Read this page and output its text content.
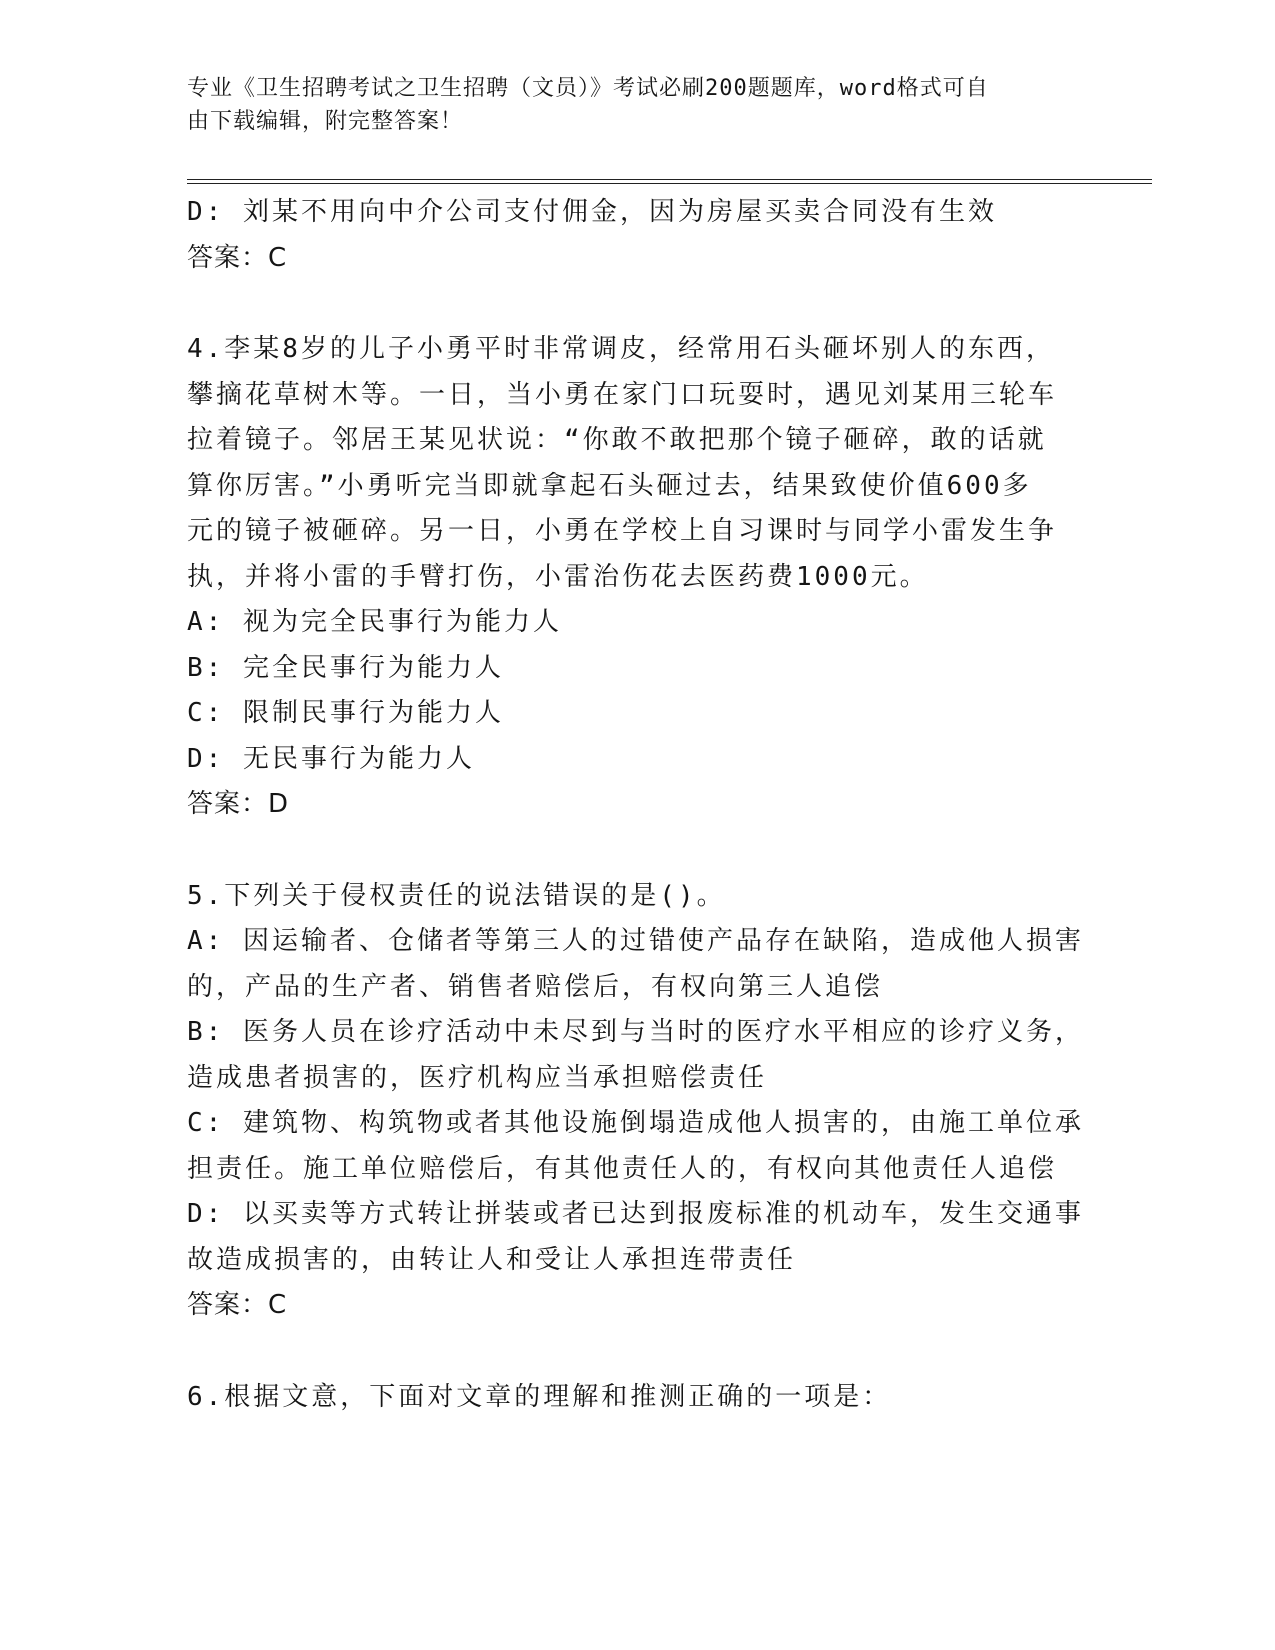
专业《卫生招聘考试之卫生招聘（文员）》考试必刷200题题库，word格式可自
由下载编辑，附完整答案！
D: 刘某不用向中介公司支付佣金，因为房屋买卖合同没有生效
答案：C
4.李某8岁的儿子小勇平时非常调皮，经常用石头砸坏别人的东西，
攀摘花草树木等。一日，当小勇在家门口玩耍时，遇见刘某用三轮车
拉着镜子。邻居王某见状说：“你敢不敢把那个镜子砸碎，敢的话就
算你厉害。”小勇听完当即就拿起石头砸过去，结果致使价值600多
元的镜子被砸碎。另一日，小勇在学校上自习课时与同学小雷发生争
执，并将小雷的手臂打伤，小雷治伤花去医药费1000元。
A: 视为完全民事行为能力人
B: 完全民事行为能力人
C: 限制民事行为能力人
D: 无民事行为能力人
答案：D
5.下列关于侵权责任的说法错误的是()。
A: 因运输者、仓储者等第三人的过错使产品存在缺陷，造成他人损害
的，产品的生产者、销售者赔偿后，有权向第三人追偿
B: 医务人员在诊疗活动中未尽到与当时的医疗水平相应的诊疗义务，
造成患者损害的，医疗机构应当承担赔偿责任
C: 建筑物、构筑物或者其他设施倒塌造成他人损害的，由施工单位承
担责任。施工单位赔偿后，有其他责任人的，有权向其他责任人追偿
D: 以买卖等方式转让拼装或者已达到报废标准的机动车，发生交通事
故造成损害的，由转让人和受让人承担连带责任
答案：C
6.根据文意，下面对文章的理解和推测正确的一项是：
